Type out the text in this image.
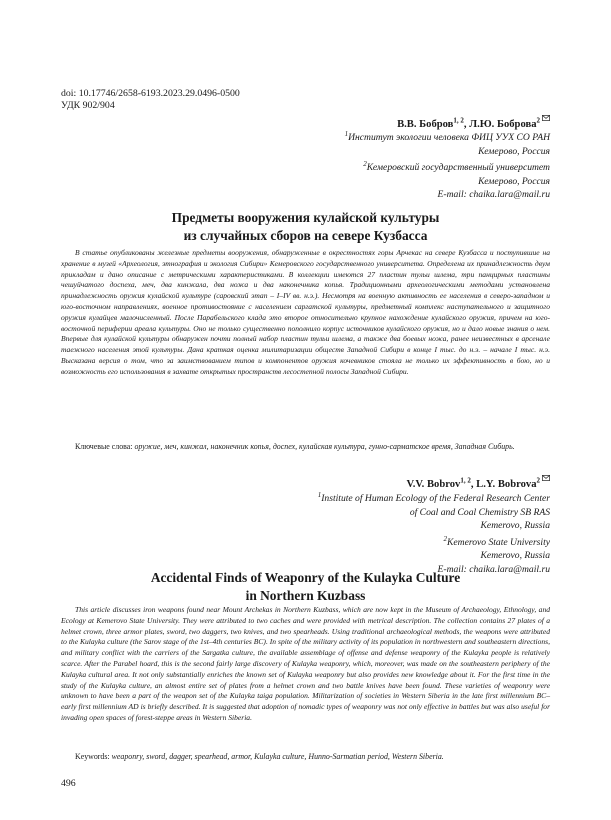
doi: 10.17746/2658-6193.2023.29.0496-0500
УДК 902/904
В.В. Бобров$^{1, 2}$, Л.Ю. Боброва$^2$
$^1$Институт экологии человека ФИЦ УУХ СО РАН
Кемерово, Россия
$^2$Кемеровский государственный университет
Кемерово, Россия
E-mail: chaika.lara@mail.ru
Предметы вооружения кулайской культуры
из случайных сборов на севере Кузбасса

В статье опубликованы железные предметы вооружения, обнаруженные в окрестностях горы Арчекас на севере Кузбасса и поступившие на хранение в музей «Археология, этнография и экология Сибири» Кемеровского государственного университета. Определена их принадлежность двум прикладам и дано описание с метрическими характеристиками. В коллекции имеются 27 пластин тульи шлема, три панцирных пластины чешуйчатого доспеха, меч, два кинжала, два ножа и два наконечника копья. Традиционными археологическими методами установлена принадлежность оружия кулайской культуре (саровский этап – I–IV вв. н.э.). Несмотря на военную активность ее населения в северо-западном и юго-восточном направлениях, военное противостояние с населением саргатской культуры, предметный комплекс наступательного и защитного оружия кулайцев малочисленный. После Парабельского клада это второе относительно крупное нахождение кулайского оружия, причем на юго-восточной периферии ареала культуры. Оно не только существенно пополнило корпус источников кулайского оружия, но и дало новые знания о нем. Впервые для кулайской культуры обнаружен почти полный набор пластин тульи шлема, а также два боевых ножа, ранее неизвестных в арсенале таежного населения этой культуры. Дана краткая оценка милитаризации обществ Западной Сибири в конце I тыс. до н.э. – начале I тыс. н.э. Высказана версия о том, что за заимствованием типов и компонентов оружия кочевников стояла не только их эффективность в бою, но и возможность его использования в захвате открытых пространств лесостепной полосы Западной Сибири.

Ключевые слова: оружие, меч, кинжал, наконечник копья, доспех, кулайская культура, гунно-сарматское время, Западная Сибирь.

V.V. Bobrov$^{1, 2}$, L.Y. Bobrova$^2$
$^1$Institute of Human Ecology of the Federal Research Center
of Coal and Coal Chemistry SB RAS
Kemerovo, Russia
$^2$Kemerovo State University
Kemerovo, Russia
E-mail: chaika.lara@mail.ru
Accidental Finds of Weaponry of the Kulayka Culture
in Northern Kuzbass

This article discusses iron weapons found near Mount Archekas in Northern Kuzbass, which are now kept in the Museum of Archaeology, Ethnology, and Ecology at Kemerovo State University. They were attributed to two caches and were provided with metrical description. The collection contains 27 plates of a helmet crown, three armor plates, sword, two daggers, two knives, and two spearheads. Using traditional archaeological methods, the weapons were attributed to the Kulayka culture (the Sarov stage of the 1st–4th centuries BC). In spite of the military activity of its population in northwestern and southeastern directions, and military conflict with the carriers of the Sargatka culture, the available assemblage of offense and defense weaponry of the Kulayka people is relatively scarce. After the Parabel hoard, this is the second fairly large discovery of Kulayka weaponry, which, moreover, was made on the southeastern periphery of the Kulayka cultural area. It not only substantially enriches the known set of Kulayka weaponry but also provides new knowledge about it. For the first time in the study of the Kulayka culture, an almost entire set of plates from a helmet crown and two battle knives have been found. These varieties of weaponry were unknown to have been a part of the weapon set of the Kulayka taiga population. Militarization of societies in Western Siberia in the late first millennium BC–early first millennium AD is briefly described. It is suggested that adoption of nomadic types of weaponry was not only effective in battles but was also useful for invading open spaces of forest-steppe areas in Western Siberia.

Keywords: weaponry, sword, dagger, spearhead, armor, Kulayka culture, Hunno-Sarmatian period, Western Siberia.

496
